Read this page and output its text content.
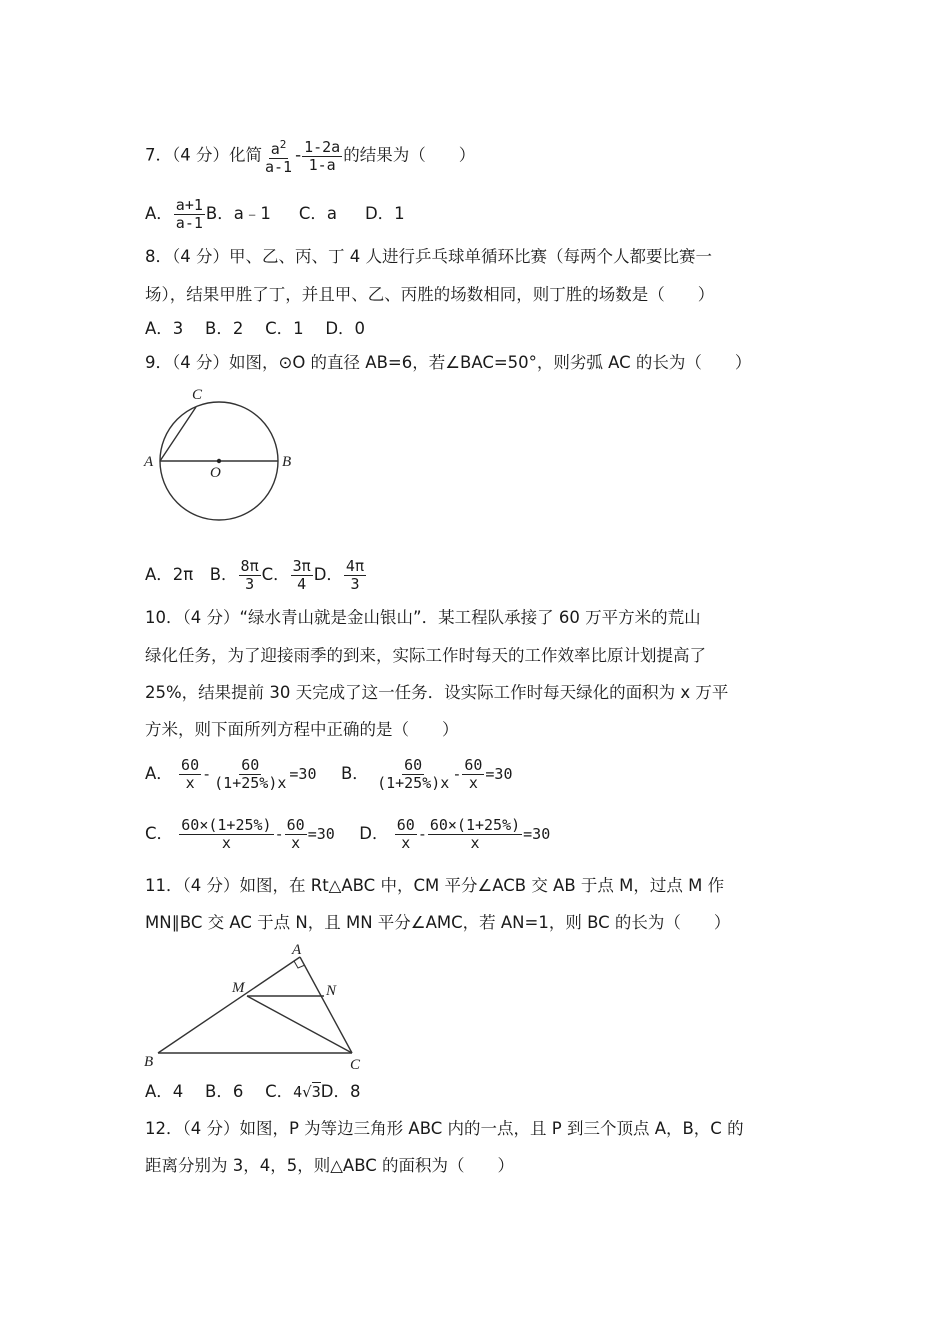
7．（4 分）化简 $\frac{a^2}{a-1} - \frac{1-2a}{1-a}$ 的结果为（　　）
A． $\frac{a+1}{a-1}$ B．a﹣1 C．a D．1
8．（4 分）甲、乙、丙、丁 4 人进行乒乓球单循环比赛（每两个人都要比赛一
场），结果甲胜了丁，并且甲、乙、丙胜的场数相同，则丁胜的场数是（　　）
A．3　 B．2　 C．1　 D．0
9．（4 分）如图，⊙O 的直径 AB=6，若∠BAC=50°，则劣弧 AC 的长为（　　）
C
A
O
B
A．2π　B． $\frac{8\pi}{3}$ C． $\frac{3\pi}{4}$ D． $\frac{4\pi}{3}$
10．（4 分）“绿水青山就是金山银山”．某工程队承接了 60 万平方米的荒山
绿化任务，为了迎接雨季的到来，实际工作时每天的工作效率比原计划提高了
25%，结果提前 30 天完成了这一任务．设实际工作时每天绿化的面积为 x 万平
方米，则下面所列方程中正确的是（　　）
A． $\frac{60}{x} - \frac{60}{(1+25\%)x} =30$ B． $\frac{60}{(1+25\%)x} - \frac{60}{x} =30$
C． $\frac{60\times(1+25\%)}{x} - \frac{60}{x} =30$ D． $\frac{60}{x} - \frac{60\times(1+25\%)}{x} =30$
11．（4 分）如图，在 Rt△ABC 中，CM 平分∠ACB 交 AB 于点 M，过点 M 作
MN∥BC 交 AC 于点 N，且 MN 平分∠AMC，若 AN=1，则 BC 的长为（　　）
A
M	N
B	C
A．4　 B．6　 C．4√3D．8
12．（4 分）如图，P 为等边三角形 ABC 内的一点，且 P 到三个顶点 A，B，C 的
距离分别为 3，4，5，则△ABC 的面积为（　　）
